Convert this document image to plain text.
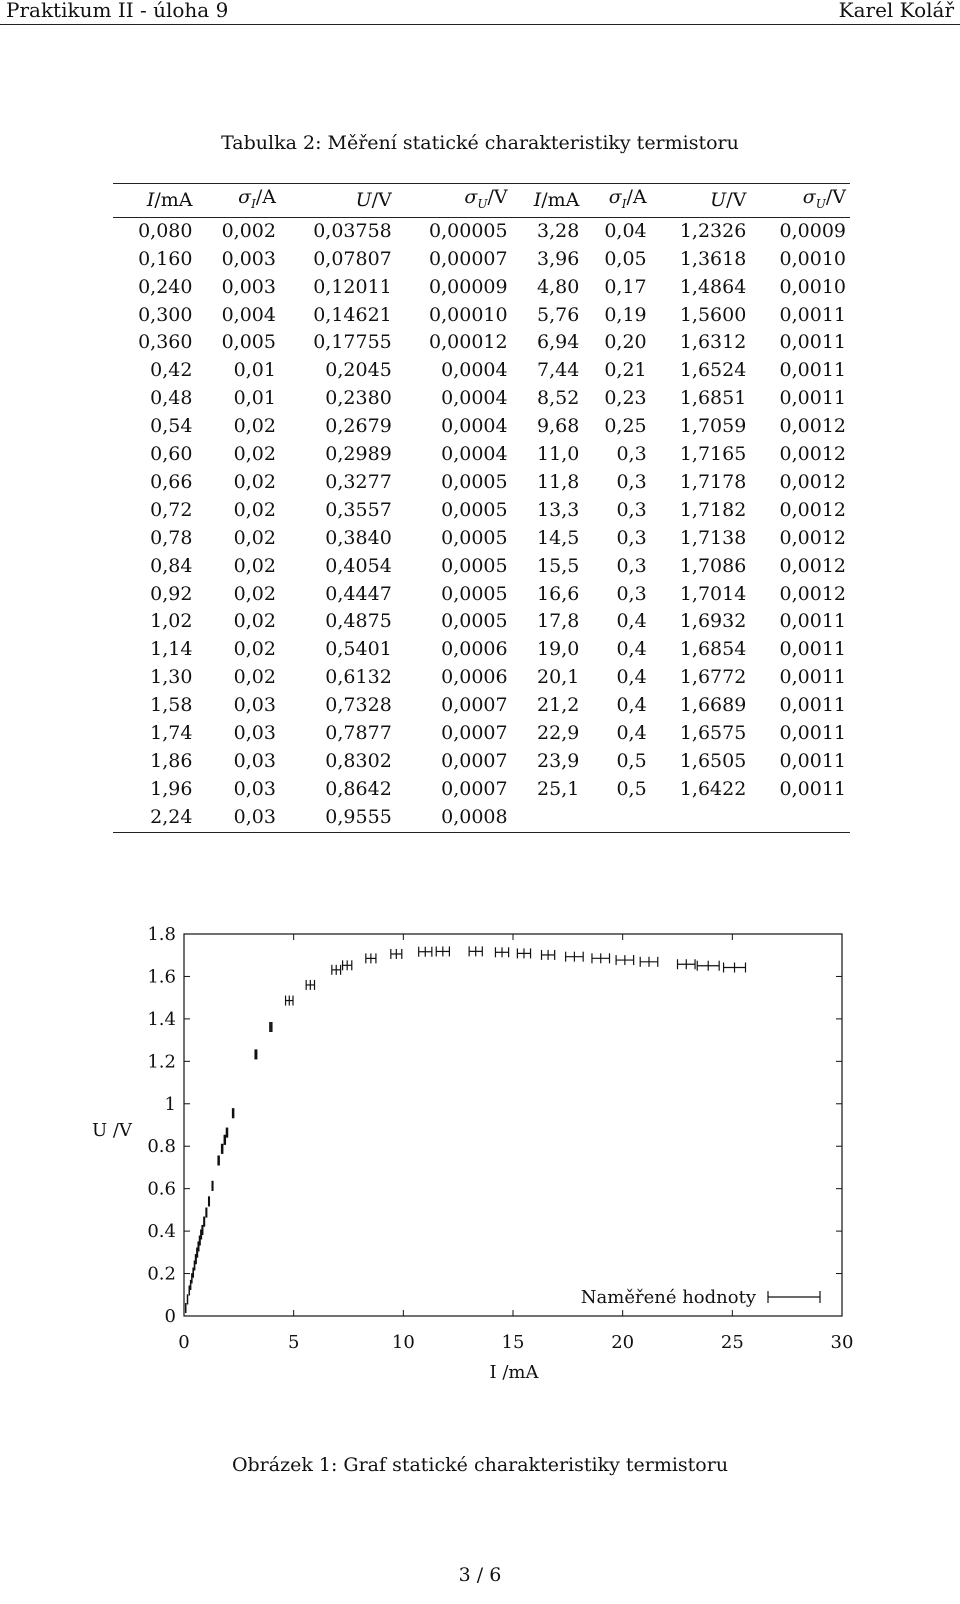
Praktikum II - úloha 9	Karel Kolář
Tabulka 2: Měření statické charakteristiky termistoru
I/mA	$\sigma_I/A$	U/V	$\sigma_U/V$	I/mA	$\sigma_I/A$	U/V	$\sigma_U/V$
0,080	0,002	0,03758	0,00005	3,28	0,04	1,2326	0,0009
0,160	0,003	0,07807	0,00007	3,96	0,05	1,3618	0,0010
0,240	0,003	0,12011	0,00009	4,80	0,17	1,4864	0,0010
0,300	0,004	0,14621	0,00010	5,76	0,19	1,5600	0,0011
0,360	0,005	0,17755	0,00012	6,94	0,20	1,6312	0,0011
0,42	0,01	0,2045	0,0004	7,44	0,21	1,6524	0,0011
0,48	0,01	0,2380	0,0004	8,52	0,23	1,6851	0,0011
0,54	0,02	0,2679	0,0004	9,68	0,25	1,7059	0,0012
0,60	0,02	0,2989	0,0004	11,0	0,3	1,7165	0,0012
0,66	0,02	0,3277	0,0005	11,8	0,3	1,7178	0,0012
0,72	0,02	0,3557	0,0005	13,3	0,3	1,7182	0,0012
0,78	0,02	0,3840	0,0005	14,5	0,3	1,7138	0,0012
0,84	0,02	0,4054	0,0005	15,5	0,3	1,7086	0,0012
0,92	0,02	0,4447	0,0005	16,6	0,3	1,7014	0,0012
1,02	0,02	0,4875	0,0005	17,8	0,4	1,6932	0,0011
1,14	0,02	0,5401	0,0006	19,0	0,4	1,6854	0,0011
1,30	0,02	0,6132	0,0006	20,1	0,4	1,6772	0,0011
1,58	0,03	0,7328	0,0007	21,2	0,4	1,6689	0,0011
1,74	0,03	0,7877	0,0007	22,9	0,4	1,6575	0,0011
1,86	0,03	0,8302	0,0007	23,9	0,5	1,6505	0,0011
1,96	0,03	0,8642	0,0007	25,1	0,5	1,6422	0,0011
2,24	0,03	0,9555	0,0008				
0	5	10	15	20	25	30
0
0.2
0.4
0.6
0.8
1
1.2
1.4
1.6
1.8
Naměřené hodnoty
U /V
I /mA
Obrázek 1: Graf statické charakteristiky termistoru
3 / 6
